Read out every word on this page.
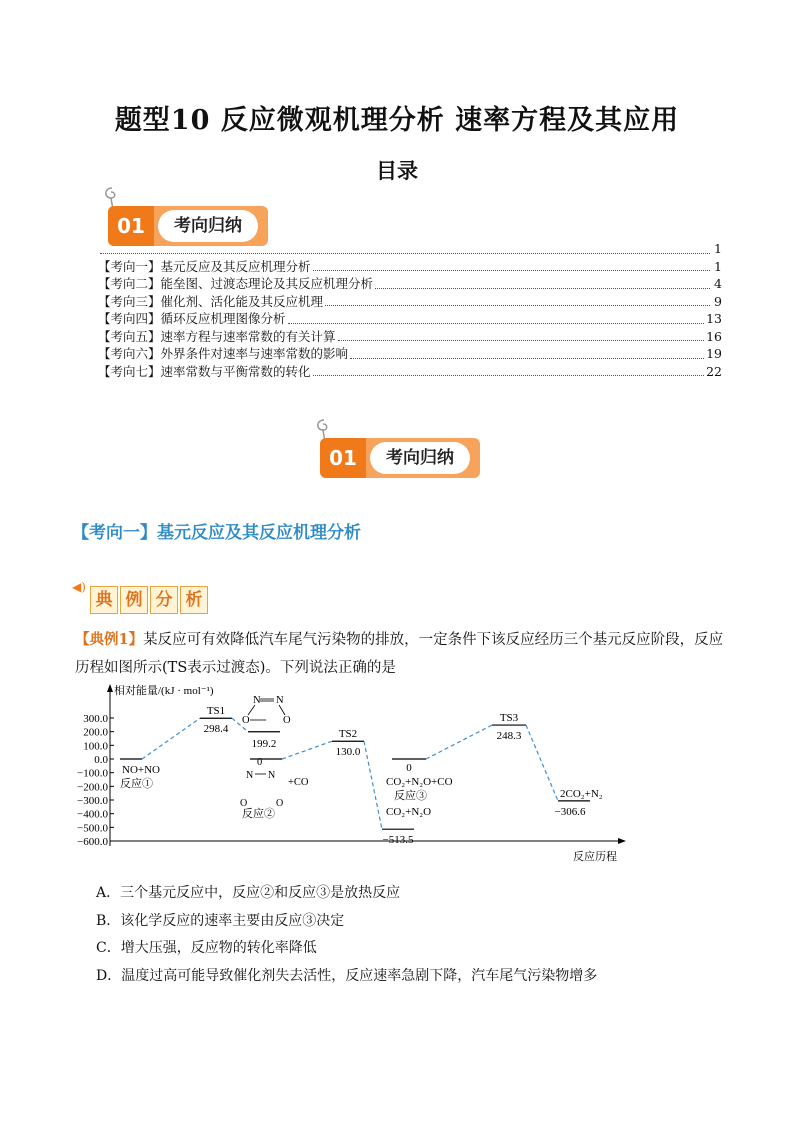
题型10 反应微观机理分析 速率方程及其应用
目录
01	考向归纳
1
【考向一】基元反应及其反应机理分析	1
【考向二】能垒图、过渡态理论及其反应机理分析	4
【考向三】催化剂、活化能及其反应机理	9
【考向四】循环反应机理图像分析	13
【考向五】速率方程与速率常数的有关计算	16
【考向六】外界条件对速率与速率常数的影响	19
【考向七】速率常数与平衡常数的转化	22
01	考向归纳
【考向一】基元反应及其反应机理分析
◀)
典 例 分 析
【典例1】某反应可有效降低汽车尾气污染物的排放，一定条件下该反应经历三个基元反应阶段，反应历程如图所示(TS表示过渡态)。下列说法正确的是
相对能量/(kJ · mol⁻¹)
反应历程
300.0
200.0
100.0
0.0
−100.0
−200.0
−300.0
−400.0
−500.0
−600.0
298.4
199.2
130.0
−513.5
0
248.3
−306.6
TS1
TS2
TS3
NO+NO
反应①
反应②
CO₂+N₂O+CO
反应③
CO₂+N₂O
2CO₂+N₂
N N
O	O
+CO
0
N N
O	O
A．三个基元反应中，反应②和反应③是放热反应
B．该化学反应的速率主要由反应③决定
C．增大压强，反应物的转化率降低
D．温度过高可能导致催化剂失去活性，反应速率急剧下降，汽车尾气污染物增多
